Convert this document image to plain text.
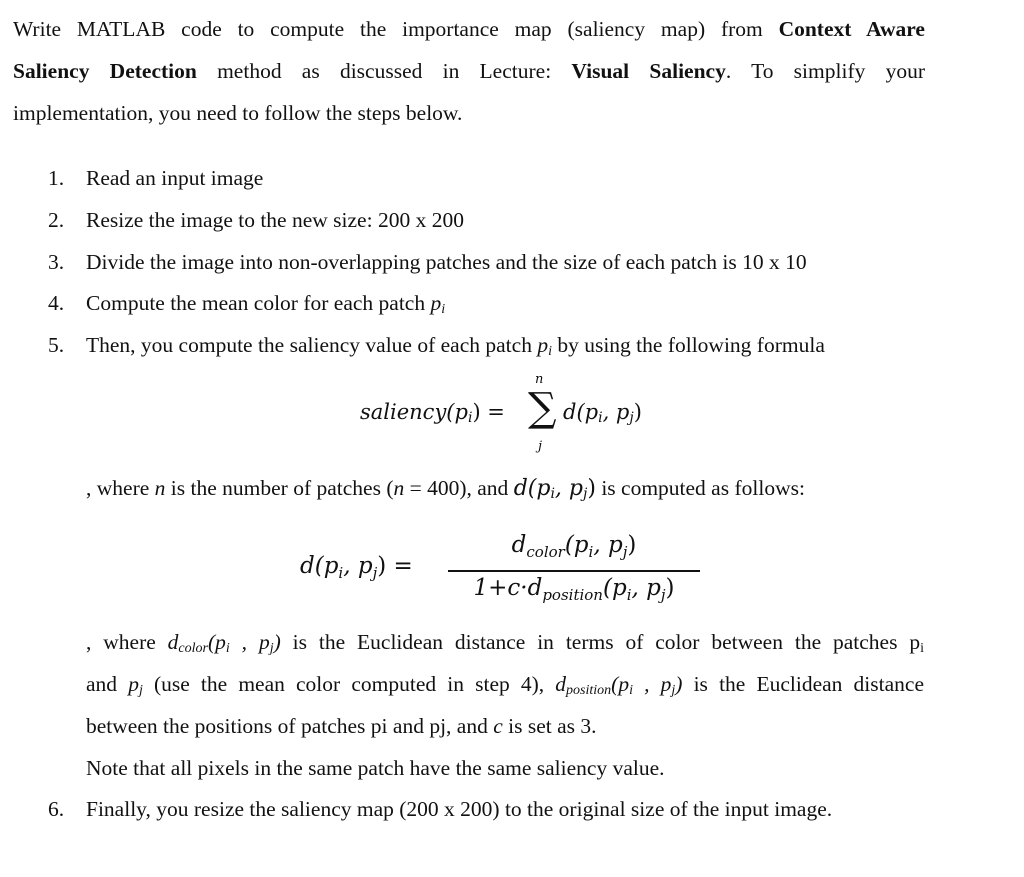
Write MATLAB code to compute the importance map (saliency map) from Context Aware
Saliency Detection method as discussed in Lecture: Visual Saliency. To simplify your
implementation, you need to follow the steps below.
1. Read an input image
2. Resize the image to the new size: 200 x 200
3. Divide the image into non-overlapping patches and the size of each patch is 10 x 10
4. Compute the mean color for each patch $p_i$
5. Then, you compute the saliency value of each patch $p_i$ by using the following formula
$saliency(p_i)$ =
n
∑
j
$d(p_i$, $p_j$)
, where n is the number of patches (n = 400), and $d(p_i$, $p_j$) is computed as follows:
$d(p_i$, $p_j$) =
$d_{color}(p_i$, $p_j$)
$1+c\cdot d_{position}(p_i$, $p_j$)
, where $d_{color}(p_i$ , $p_j$) is the Euclidean distance in terms of color between the patches $p_i$
and $p_j$ (use the mean color computed in step 4), $d_{position}(p_i$ , $p_j$) is the Euclidean distance
between the positions of patches pi and pj, and c is set as 3.
Note that all pixels in the same patch have the same saliency value.
6. Finally, you resize the saliency map (200 x 200) to the original size of the input image.
